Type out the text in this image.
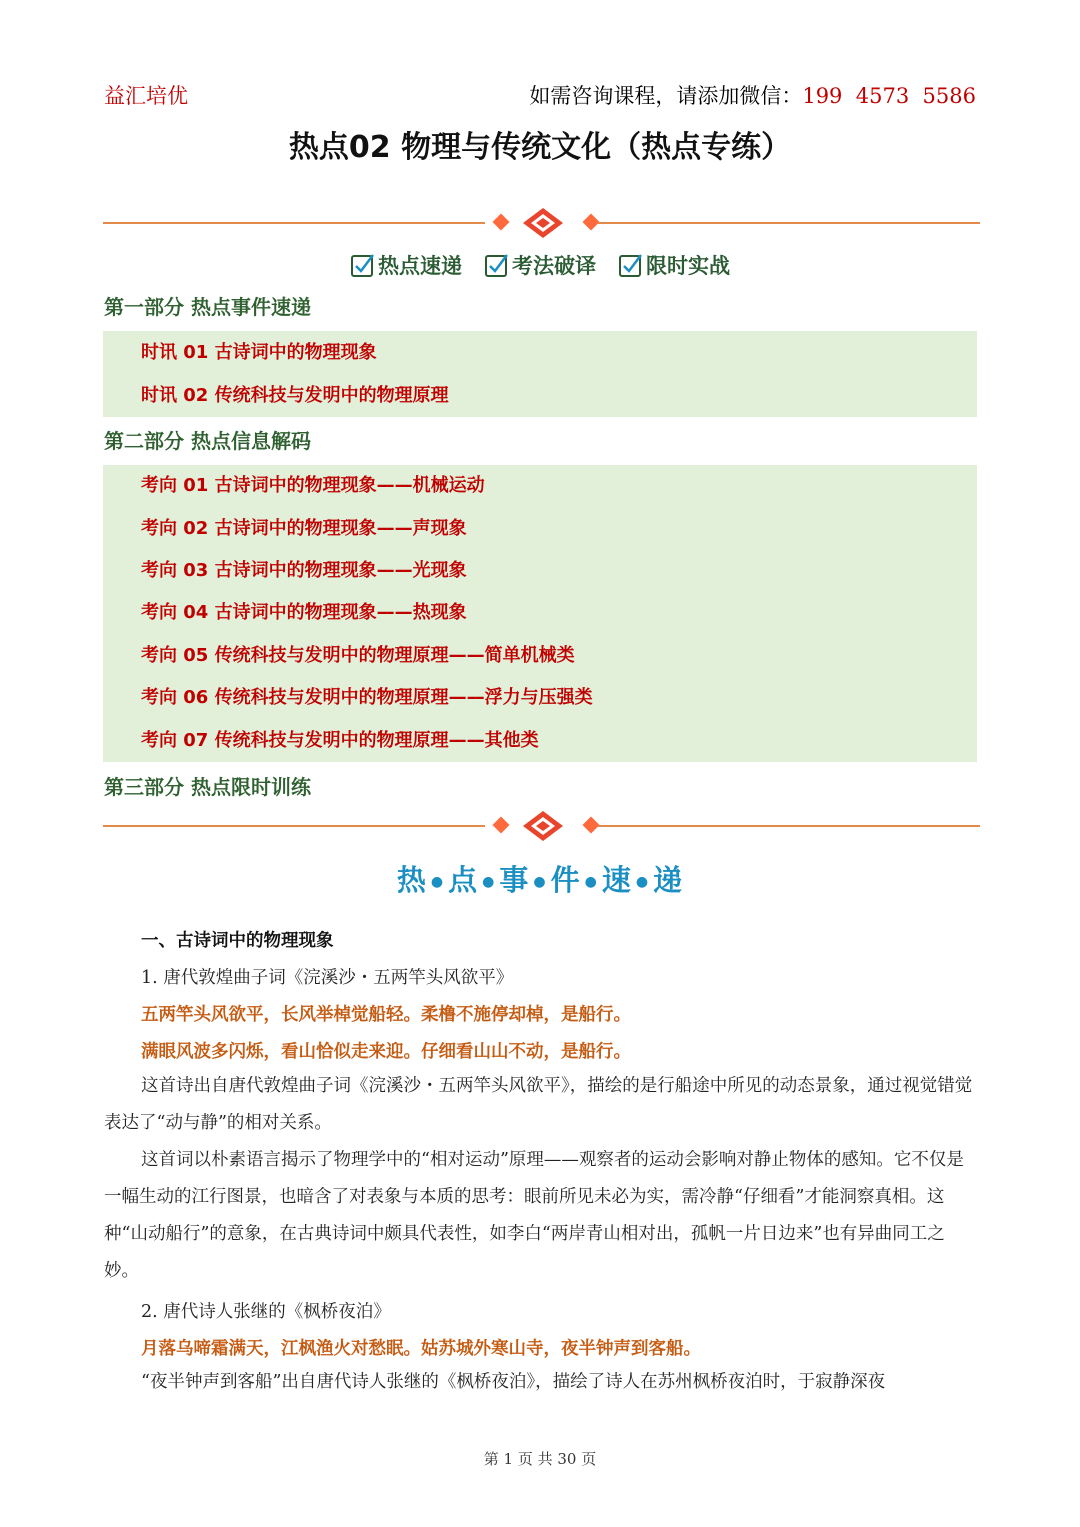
益汇培优	如需咨询课程，请添加微信：199  4573  5586
热点02 物理与传统文化（热点专练）
热点速递 考法破译 限时实战
第一部分 热点事件速递
时讯 01 古诗词中的物理现象
时讯 02 传统科技与发明中的物理原理
第二部分 热点信息解码
考向 01 古诗词中的物理现象——机械运动
考向 02 古诗词中的物理现象——声现象
考向 03 古诗词中的物理现象——光现象
考向 04 古诗词中的物理现象——热现象
考向 05 传统科技与发明中的物理原理——简单机械类
考向 06 传统科技与发明中的物理原理——浮力与压强类
考向 07 传统科技与发明中的物理原理——其他类
第三部分 热点限时训练
热 ● 点 ● 事 ● 件 ● 速 ● 递
一、古诗词中的物理现象
1. 唐代敦煌曲子词《浣溪沙・五两竿头风欲平》
五两竿头风欲平，长风举棹觉船轻。柔橹不施停却棹，是船行。
满眼风波多闪烁，看山恰似走来迎。仔细看山山不动，是船行。
这首诗出自唐代敦煌曲子词《浣溪沙・五两竿头风欲平》，描绘的是行船途中所见的动态景象，通过视觉错觉表达了“动与静”的相对关系。
这首词以朴素语言揭示了物理学中的“相对运动”原理——观察者的运动会影响对静止物体的感知。它不仅是一幅生动的江行图景，也暗含了对表象与本质的思考：眼前所见未必为实，需冷静“仔细看”才能洞察真相。这种“山动船行”的意象，在古典诗词中颇具代表性，如李白“两岸青山相对出，孤帆一片日边来”也有异曲同工之妙。
2. 唐代诗人张继的《枫桥夜泊》
月落乌啼霜满天，江枫渔火对愁眠。姑苏城外寒山寺，夜半钟声到客船。
“夜半钟声到客船”出自唐代诗人张继的《枫桥夜泊》，描绘了诗人在苏州枫桥夜泊时，于寂静深夜
第 1 页 共 30 页
